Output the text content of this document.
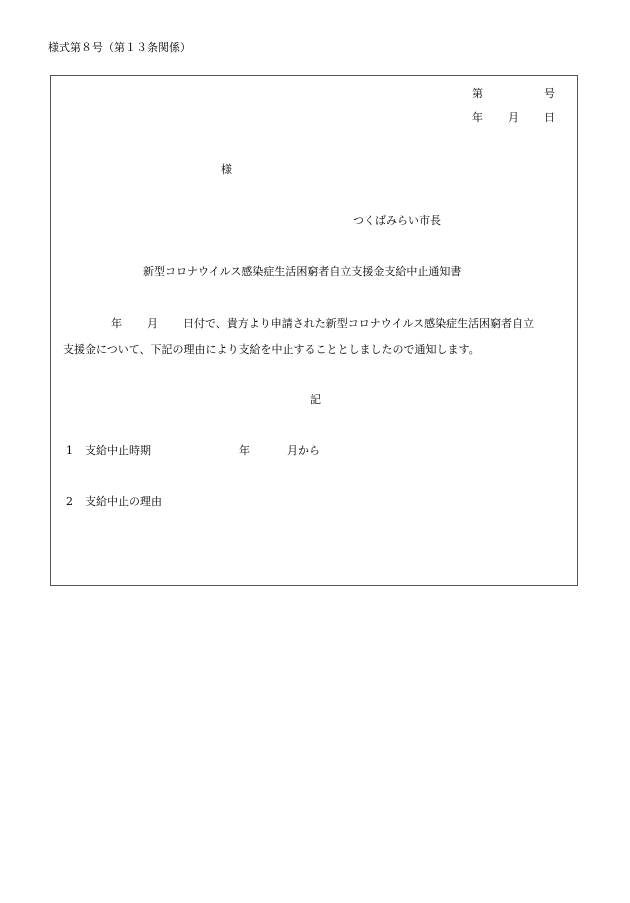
様式第８号（第１３条関係）
第	号
年 月 日
様
つくばみらい市長
新型コロナウイルス感染症生活困窮者自立支援金支給中止通知書
年 月 日付で、貴方より申請された新型コロナウイルス感染症生活困窮者自立
支援金について、下記の理由により支給を中止することとしましたので通知します。
記
1 支給中止時期	年	月から
2 支給中止の理由
